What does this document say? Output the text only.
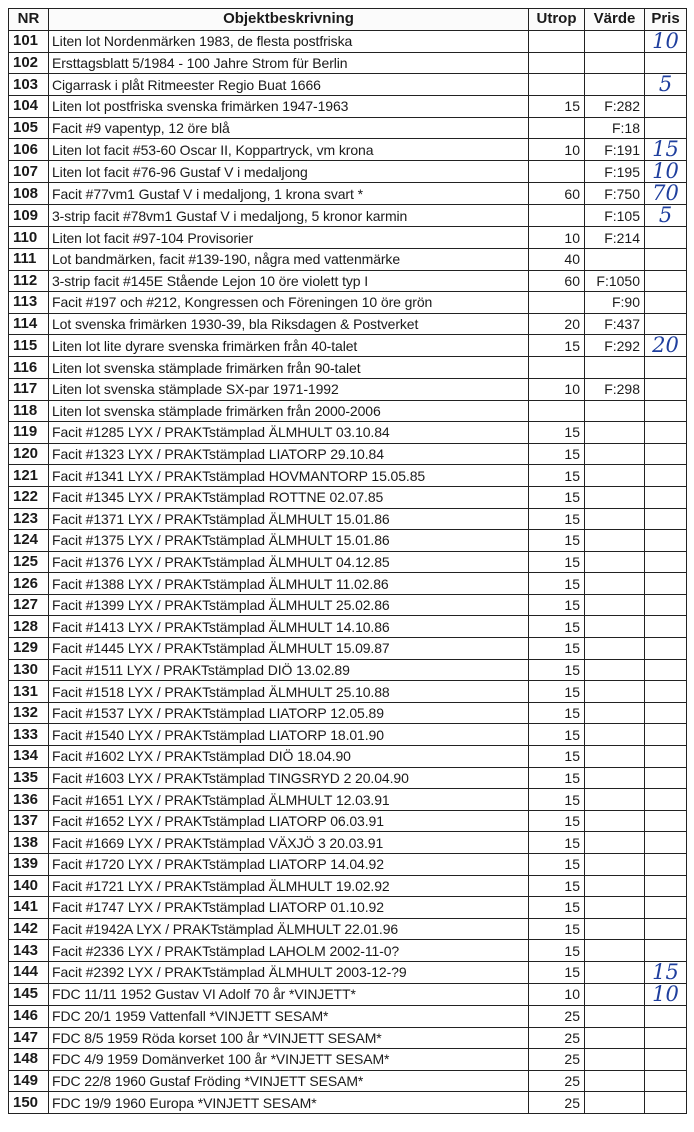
NR	Objektbeskrivning	Utrop	Värde	Pris
101	Liten lot Nordenmärken 1983, de flesta postfriska			10
102	Ersttagsblatt 5/1984 - 100 Jahre Strom für Berlin			
103	Cigarrask i plåt Ritmeester Regio Buat 1666			5
104	Liten lot postfriska svenska frimärken 1947-1963	15	F:282	
105	Facit #9 vapentyp, 12 öre blå		F:18	
106	Liten lot facit #53-60 Oscar II, Koppartryck, vm krona	10	F:191	15
107	Liten lot facit #76-96 Gustaf V i medaljong		F:195	10
108	Facit #77vm1 Gustaf V i medaljong, 1 krona svart *	60	F:750	70
109	3-strip facit #78vm1 Gustaf V i medaljong, 5 kronor karmin		F:105	5
110	Liten lot facit #97-104 Provisorier	10	F:214	
111	Lot bandmärken, facit #139-190, några med vattenmärke	40		
112	3-strip facit #145E Stående Lejon 10 öre violett typ I	60	F:1050	
113	Facit #197 och #212, Kongressen och Föreningen 10 öre grön		F:90	
114	Lot svenska frimärken 1930-39, bla Riksdagen & Postverket	20	F:437	
115	Liten lot lite dyrare svenska frimärken från 40-talet	15	F:292	20
116	Liten lot svenska stämplade frimärken från 90-talet			
117	Liten lot svenska stämplade SX-par 1971-1992	10	F:298	
118	Liten lot svenska stämplade frimärken från 2000-2006			
119	Facit #1285 LYX / PRAKTstämplad ÄLMHULT 03.10.84	15		
120	Facit #1323 LYX / PRAKTstämplad LIATORP 29.10.84	15		
121	Facit #1341 LYX / PRAKTstämplad HOVMANTORP 15.05.85	15		
122	Facit #1345 LYX / PRAKTstämplad ROTTNE 02.07.85	15		
123	Facit #1371 LYX / PRAKTstämplad ÄLMHULT 15.01.86	15		
124	Facit #1375 LYX / PRAKTstämplad ÄLMHULT 15.01.86	15		
125	Facit #1376 LYX / PRAKTstämplad ÄLMHULT 04.12.85	15		
126	Facit #1388 LYX / PRAKTstämplad ÄLMHULT 11.02.86	15		
127	Facit #1399 LYX / PRAKTstämplad ÄLMHULT 25.02.86	15		
128	Facit #1413 LYX / PRAKTstämplad ÄLMHULT 14.10.86	15		
129	Facit #1445 LYX / PRAKTstämplad ÄLMHULT 15.09.87	15		
130	Facit #1511 LYX / PRAKTstämplad DIÖ 13.02.89	15		
131	Facit #1518 LYX / PRAKTstämplad ÄLMHULT 25.10.88	15		
132	Facit #1537 LYX / PRAKTstämplad LIATORP 12.05.89	15		
133	Facit #1540 LYX / PRAKTstämplad LIATORP 18.01.90	15		
134	Facit #1602 LYX / PRAKTstämplad DIÖ 18.04.90	15		
135	Facit #1603 LYX / PRAKTstämplad TINGSRYD 2 20.04.90	15		
136	Facit #1651 LYX / PRAKTstämplad ÄLMHULT 12.03.91	15		
137	Facit #1652 LYX / PRAKTstämplad LIATORP 06.03.91	15		
138	Facit #1669 LYX / PRAKTstämplad VÄXJÖ 3 20.03.91	15		
139	Facit #1720 LYX / PRAKTstämplad LIATORP 14.04.92	15		
140	Facit #1721 LYX / PRAKTstämplad ÄLMHULT 19.02.92	15		
141	Facit #1747 LYX / PRAKTstämplad LIATORP 01.10.92	15		
142	Facit #1942A LYX / PRAKTstämplad ÄLMHULT 22.01.96	15		
143	Facit #2336 LYX / PRAKTstämplad LAHOLM 2002-11-0?	15		
144	Facit #2392 LYX / PRAKTstämplad ÄLMHULT 2003-12-?9	15		15
145	FDC 11/11 1952 Gustav VI Adolf 70 år *VINJETT*	10		10
146	FDC 20/1 1959 Vattenfall *VINJETT SESAM*	25		
147	FDC 8/5 1959 Röda korset 100 år *VINJETT SESAM*	25		
148	FDC 4/9 1959 Domänverket 100 år *VINJETT SESAM*	25		
149	FDC 22/8 1960 Gustaf Fröding *VINJETT SESAM*	25		
150	FDC 19/9 1960 Europa *VINJETT SESAM*	25		
